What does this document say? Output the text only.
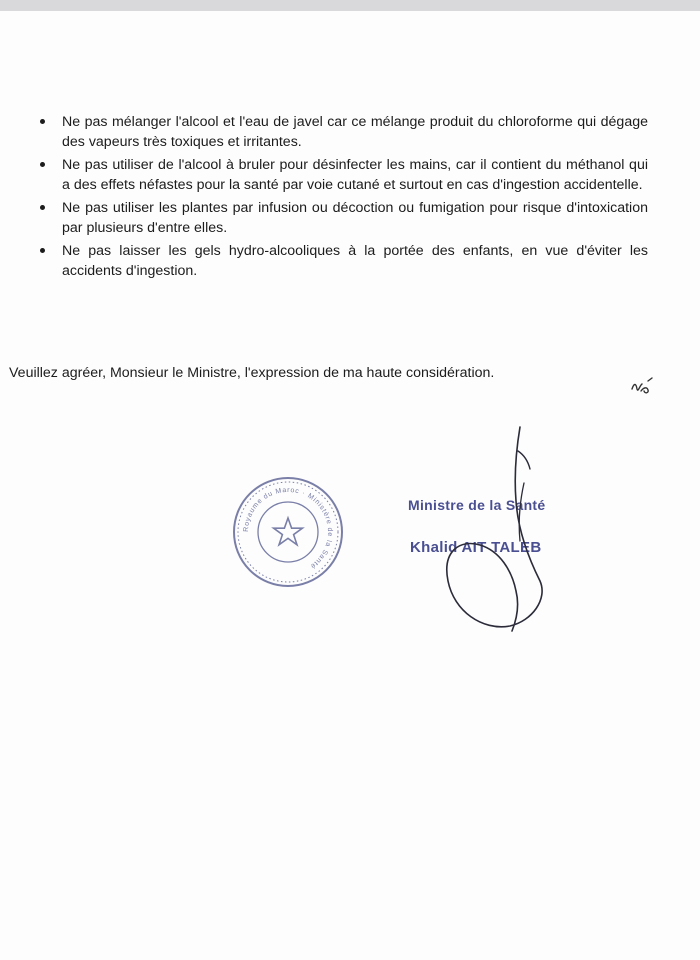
Ne pas mélanger l'alcool et l'eau de javel car ce mélange produit du chloroforme qui dégage des vapeurs très toxiques et irritantes.
Ne pas utiliser de l'alcool à bruler pour désinfecter les mains, car il contient du méthanol qui a des effets néfastes pour la santé par voie cutané et surtout en cas d'ingestion accidentelle.
Ne pas utiliser les plantes par infusion ou décoction ou fumigation pour risque d'intoxication par plusieurs d'entre elles.
Ne pas laisser les gels hydro-alcooliques à la portée des enfants, en vue d'éviter les accidents d'ingestion.
Veuillez agréer, Monsieur le Ministre, l'expression de ma haute considération.
Royaume du Maroc · Ministère de la Santé
Ministre de la Santé
Khalid AIT TALEB
